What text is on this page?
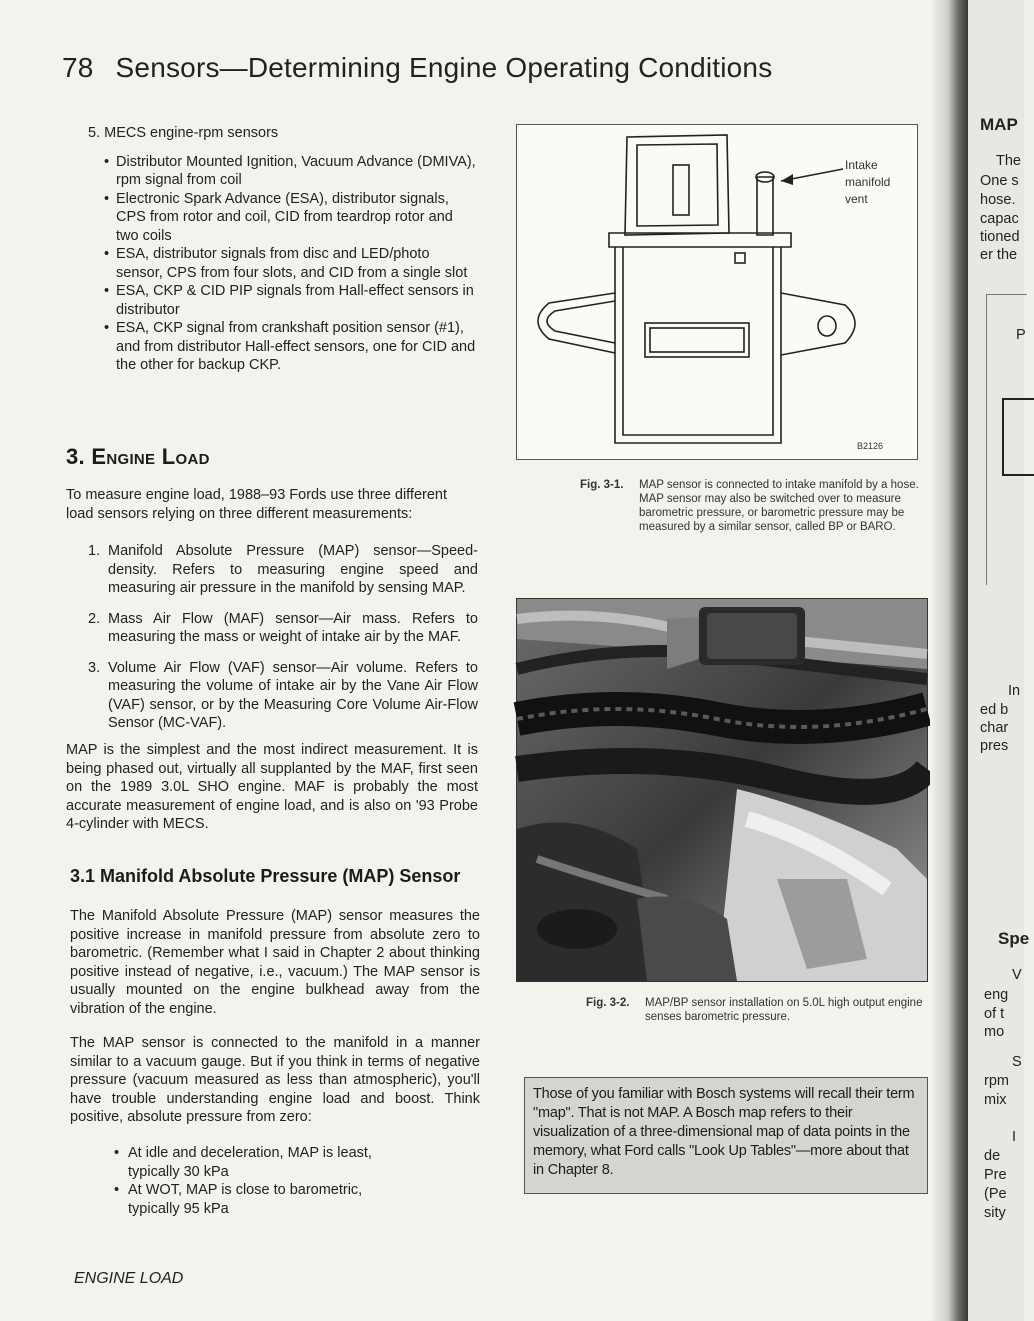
78 Sensors—Determining Engine Operating Conditions
5. MECS engine-rpm sensors
• Distributor Mounted Ignition, Vacuum Advance (DMIVA), rpm signal from coil
• Electronic Spark Advance (ESA), distributor signals, CPS from rotor and coil, CID from teardrop rotor and two coils
• ESA, distributor signals from disc and LED/photo sensor, CPS from four slots, and CID from a single slot
• ESA, CKP & CID PIP signals from Hall-effect sensors in distributor
• ESA, CKP signal from crankshaft position sensor (#1), and from distributor Hall-effect sensors, one for CID and the other for backup CKP.
3. Engine Load
To measure engine load, 1988–93 Fords use three different load sensors relying on three different measurements:
1. Manifold Absolute Pressure (MAP) sensor—Speed-density. Refers to measuring engine speed and measuring air pressure in the manifold by sensing MAP.
2. Mass Air Flow (MAF) sensor—Air mass. Refers to measuring the mass or weight of intake air by the MAF.
3. Volume Air Flow (VAF) sensor—Air volume. Refers to measuring the volume of intake air by the Vane Air Flow (VAF) sensor, or by the Measuring Core Volume Air-Flow Sensor (MC-VAF).
MAP is the simplest and the most indirect measurement. It is being phased out, virtually all supplanted by the MAF, first seen on the 1989 3.0L SHO engine. MAF is probably the most accurate measurement of engine load, and is also on '93 Probe 4-cylinder with MECS.
3.1 Manifold Absolute Pressure (MAP) Sensor
The Manifold Absolute Pressure (MAP) sensor measures the positive increase in manifold pressure from absolute zero to barometric. (Remember what I said in Chapter 2 about thinking positive instead of negative, i.e., vacuum.) The MAP sensor is usually mounted on the engine bulkhead away from the vibration of the engine.
The MAP sensor is connected to the manifold in a manner similar to a vacuum gauge. But if you think in terms of negative pressure (vacuum measured as less than atmospheric), you'll have trouble understanding engine load and boost. Think positive, absolute pressure from zero:
• At idle and deceleration, MAP is least, typically 30 kPa
• At WOT, MAP is close to barometric, typically 95 kPa
ENGINE LOAD
Intake
manifold
vent
B2126
Fig. 3-1. MAP sensor is connected to intake manifold by a hose. MAP sensor may also be switched over to measure barometric pressure, or barometric pressure may be measured by a similar sensor, called BP or BARO.
Fig. 3-2. MAP/BP sensor installation on 5.0L high output engine senses barometric pressure.
Those of you familiar with Bosch systems will recall their term "map". That is not MAP. A Bosch map refers to their visualization of a three-dimensional map of data points in the memory, what Ford calls "Look Up Tables"—more about that in Chapter 8.
MAP
The
One s
hose.
capac
tioned
er the
P
In
ed b
char
pres
Spe
V
eng
of t
mo
S
rpm
mix
I
de
Pre
(Pe
sity
